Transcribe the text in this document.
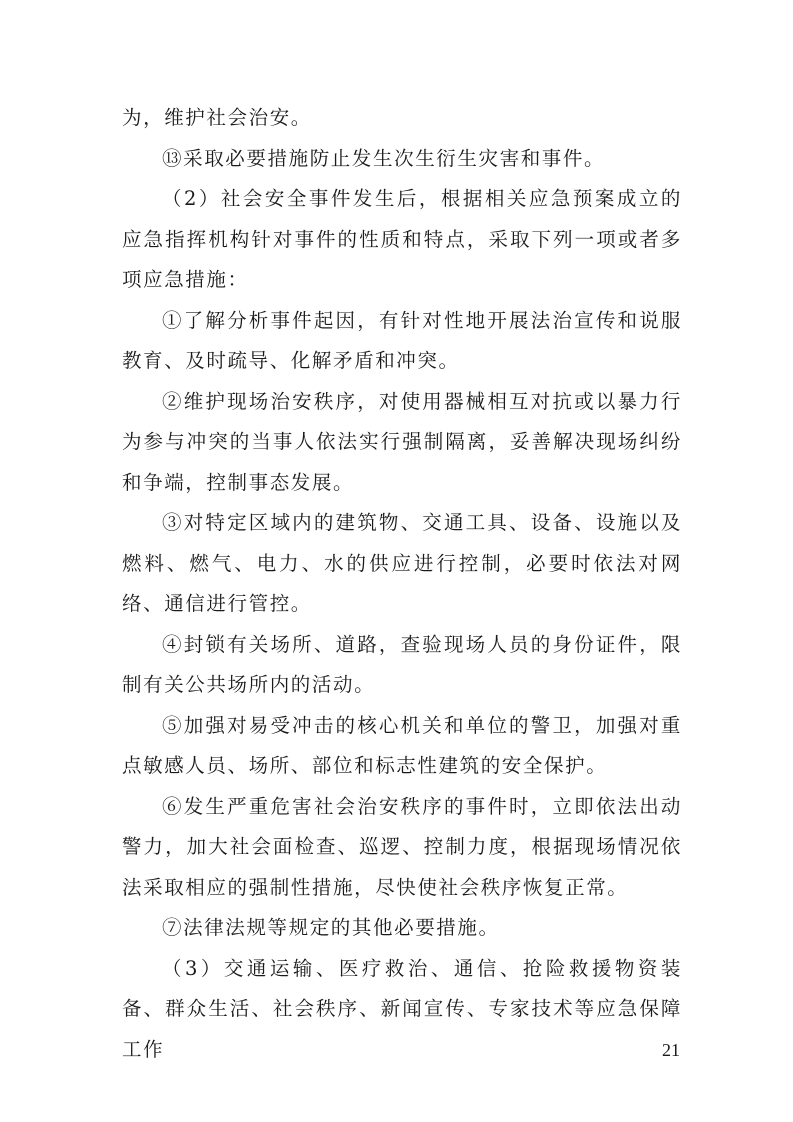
为，维护社会治安。

⑬采取必要措施防止发生次生衍生灾害和事件。

（2）社会安全事件发生后，根据相关应急预案成立的应急指挥机构针对事件的性质和特点，采取下列一项或者多项应急措施：

①了解分析事件起因，有针对性地开展法治宣传和说服教育、及时疏导、化解矛盾和冲突。

②维护现场治安秩序，对使用器械相互对抗或以暴力行为参与冲突的当事人依法实行强制隔离，妥善解决现场纠纷和争端，控制事态发展。

③对特定区域内的建筑物、交通工具、设备、设施以及燃料、燃气、电力、水的供应进行控制，必要时依法对网络、通信进行管控。

④封锁有关场所、道路，查验现场人员的身份证件，限制有关公共场所内的活动。

⑤加强对易受冲击的核心机关和单位的警卫，加强对重点敏感人员、场所、部位和标志性建筑的安全保护。

⑥发生严重危害社会治安秩序的事件时，立即依法出动警力，加大社会面检查、巡逻、控制力度，根据现场情况依法采取相应的强制性措施，尽快使社会秩序恢复正常。

⑦法律法规等规定的其他必要措施。

（3）交通运输、医疗救治、通信、抢险救援物资装备、群众生活、社会秩序、新闻宣传、专家技术等应急保障工作	21
